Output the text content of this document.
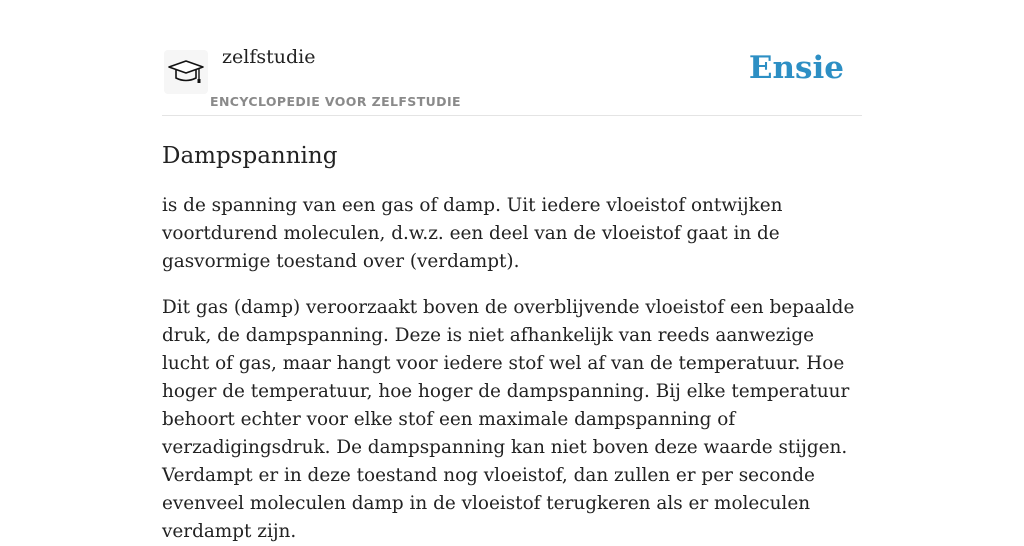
zelfstudie
ENCYCLOPEDIE VOOR ZELFSTUDIE
Ensie
Dampspanning

is de spanning van een gas of damp. Uit iedere vloeistof ontwijken voortdurend moleculen, d.w.z. een deel van de vloeistof gaat in de gasvormige toestand over (verdampt).

Dit gas (damp) veroorzaakt boven de overblijvende vloeistof een bepaalde druk, de dampspanning. Deze is niet afhankelijk van reeds aanwezige lucht of gas, maar hangt voor iedere stof wel af van de temperatuur. Hoe hoger de temperatuur, hoe hoger de dampspanning. Bij elke temperatuur behoort echter voor elke stof een maximale dampspanning of verzadigingsdruk. De dampspanning kan niet boven deze waarde stijgen. Verdampt er in deze toestand nog vloeistof, dan zullen er per seconde evenveel moleculen damp in de vloeistof terugkeren als er moleculen verdampt zijn.
